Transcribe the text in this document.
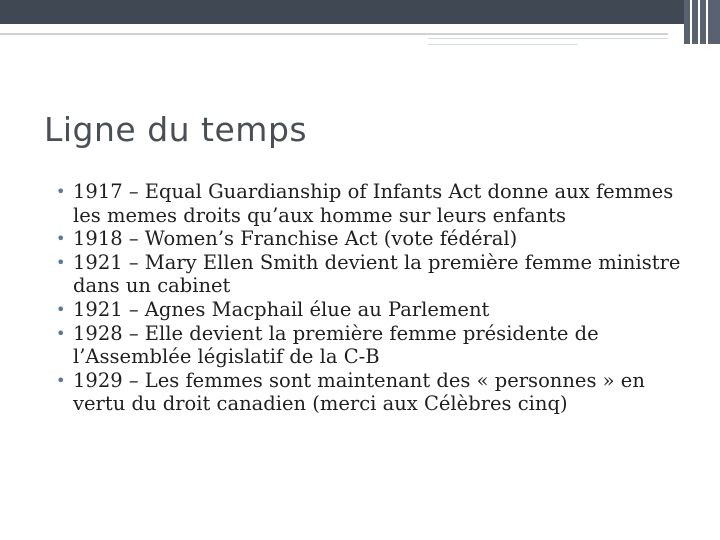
Ligne du temps
• 1917 – Equal Guardianship of Infants Act donne aux femmes les memes droits qu’aux homme sur leurs enfants
• 1918 – Women’s Franchise Act (vote fédéral)
• 1921 – Mary Ellen Smith devient la première femme ministre dans un cabinet
• 1921 – Agnes Macphail élue au Parlement
• 1928 – Elle devient la première femme présidente de l’Assemblée législatif de la C-B
• 1929 – Les femmes sont maintenant des « personnes » en vertu du droit canadien (merci aux Célèbres cinq)
